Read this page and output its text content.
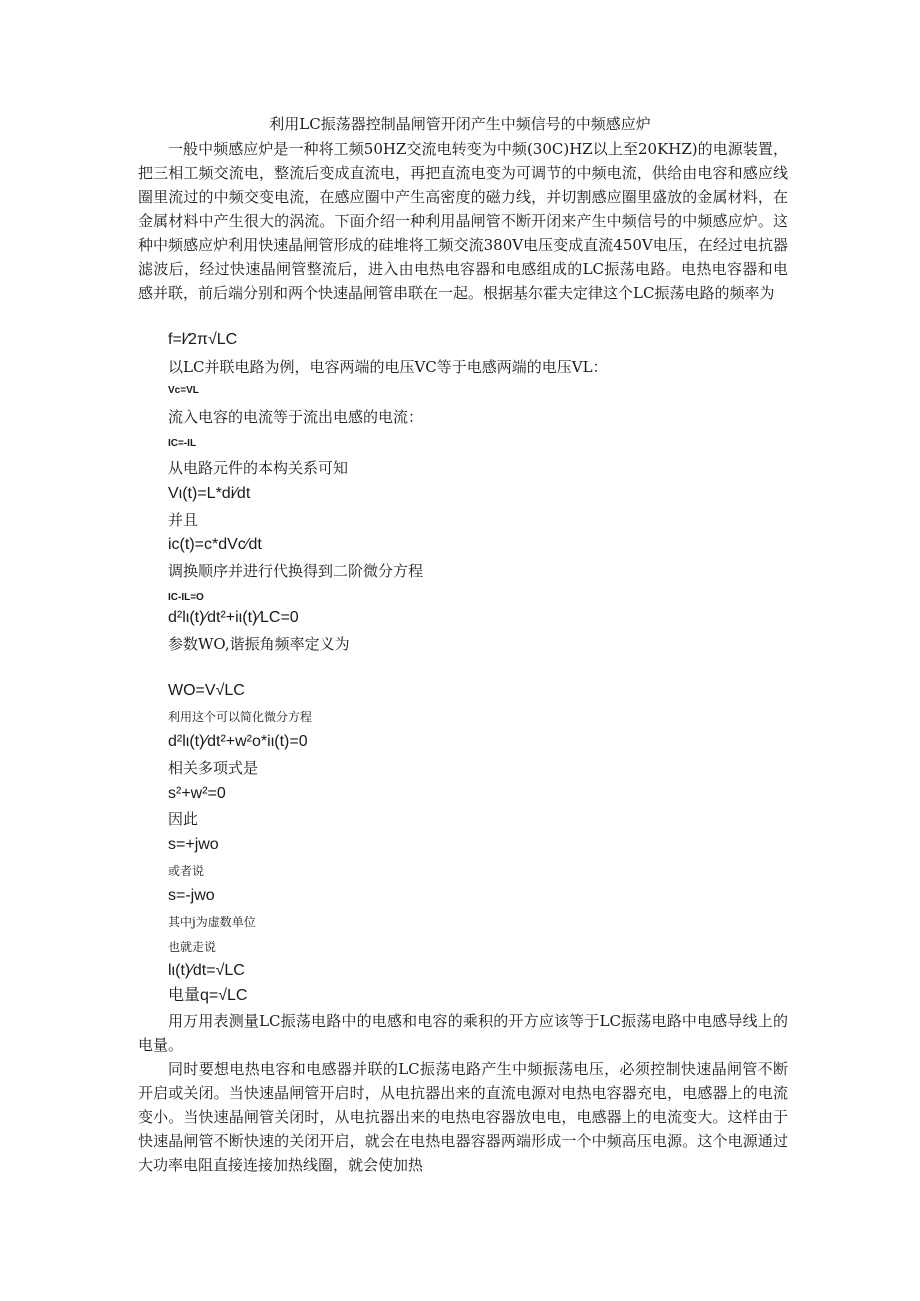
利用LC振荡器控制晶闸管开闭产生中频信号的中频感应炉

一般中频感应炉是一种将工频50HZ交流电转变为中频(30C)HZ以上至20KHZ)的电源装置，把三相工频交流电，整流后变成直流电，再把直流电变为可调节的中频电流，供给由电容和感应线圈里流过的中频交变电流，在感应圈中产生高密度的磁力线，并切割感应圈里盛放的金属材料，在金属材料中产生很大的涡流。下面介绍一种利用晶闸管不断开闭来产生中频信号的中频感应炉。这种中频感应炉利用快速晶闸管形成的硅堆将工频交流380V电压变成直流450V电压，在经过电抗器滤波后，经过快速晶闸管整流后，进入由电热电容器和电感组成的LC振荡电路。电热电容器和电感并联，前后端分别和两个快速晶闸管串联在一起。根据基尔霍夫定律这个LC振荡电路的频率为

f=l∕2π√LC
以LC并联电路为例，电容两端的电压VC等于电感两端的电压VL：
Vc=VL
流入电容的电流等于流出电感的电流：
IC=-IL
从电路元件的本构关系可知
Vι(t)=L*di∕dt
并且
ic(t)=c*dVc∕dt
调换顺序并进行代换得到二阶微分方程
IC-IL=O
d²lι(t)∕dt²+iι(t)∕LC=0
参数WO,谐振角频率定义为
WO=V√LC
利用这个可以简化微分方程
d²lι(t)∕dt²+w²o*iι(t)=0
相关多项式是
s²+w²=0
因此
s=+jwo
或者说
s=-jwo
其中j为虚数单位
也就走说
lι(t)∕dt=√LC
电量q=√LC

用万用表测量LC振荡电路中的电感和电容的乘积的开方应该等于LC振荡电路中电感导线上的电量。

同时要想电热电容和电感器并联的LC振荡电路产生中频振荡电压，必须控制快速晶闸管不断开启或关闭。当快速晶闸管开启时，从电抗器出来的直流电源对电热电容器充电，电感器上的电流变小。当快速晶闸管关闭时，从电抗器出来的电热电容器放电电，电感器上的电流变大。这样由于快速晶闸管不断快速的关闭开启，就会在电热电器容器两端形成一个中频高压电源。这个电源通过大功率电阻直接连接加热线圈，就会使加热
